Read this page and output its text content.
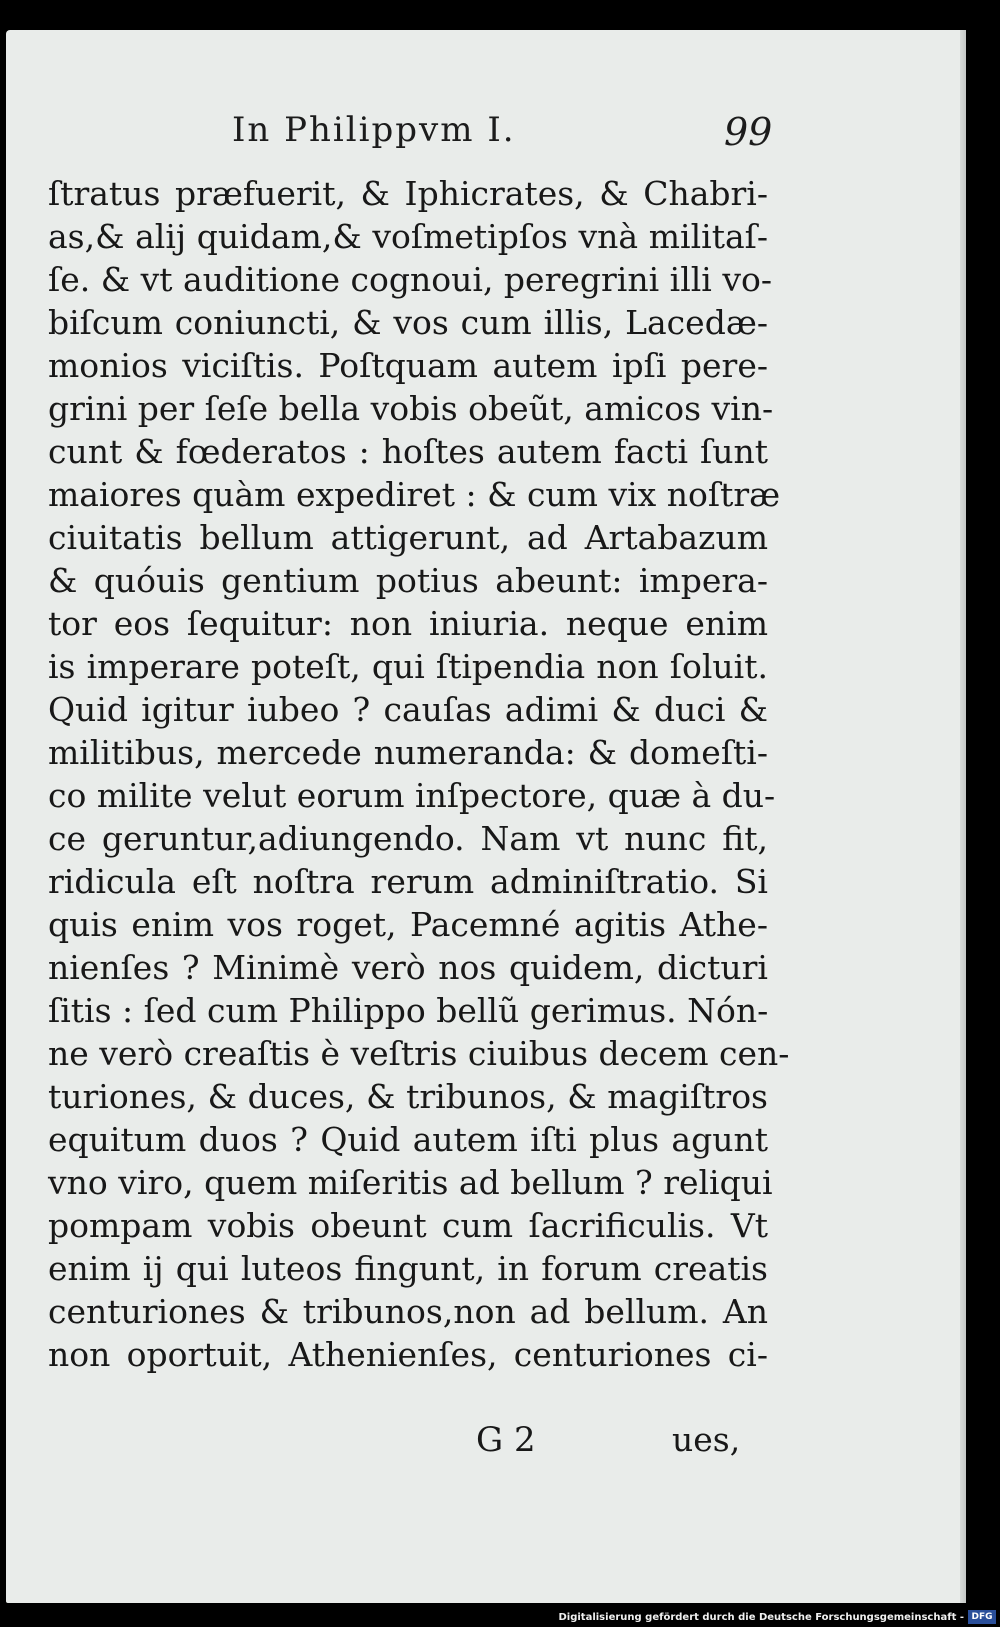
In Philippvm I.	99
ſtratus præfuerit, & Iphicrates, & Chabri-
as,& alij quidam,& voſmetipſos vnà militaſ-
ſe. & vt auditione cognoui, peregrini illi vo-
biſcum coniuncti, & vos cum illis, Lacedæ-
monios viciſtis. Poſtquam autem ipſi pere-
grini per ſeſe bella vobis obeũt, amicos vin-
cunt & fœderatos : hoſtes autem facti ſunt
maiores quàm expediret : & cum vix noſtræ
ciuitatis bellum attigerunt, ad Artabazum
& quóuis gentium potius abeunt: impera-
tor eos ſequitur: non iniuria. neque enim
is imperare poteſt, qui ſtipendia non ſoluit.
Quid igitur iubeo ? cauſas adimi & duci &
militibus, mercede numeranda: & domeſti-
co milite velut eorum inſpectore, quæ à du-
ce geruntur,adiungendo. Nam vt nunc fit,
ridicula eſt noſtra rerum adminiſtratio. Si
quis enim vos roget, Pacemné agitis Athe-
nienſes ? Minimè verò nos quidem, dicturi
ſitis : ſed cum Philippo bellũ gerimus. Nón-
ne verò creaſtis è veſtris ciuibus decem cen-
turiones, & duces, & tribunos, & magiſtros
equitum duos ? Quid autem iſti plus agunt
vno viro, quem miſeritis ad bellum ? reliqui
pompam vobis obeunt cum ſacrificulis. Vt
enim ij qui luteos fingunt, in forum creatis
centuriones & tribunos,non ad bellum. An
non oportuit, Athenienſes, centuriones ci-
G 2	ues,
Digitalisierung gefördert durch die Deutsche Forschungsgemeinschaft - DFG
